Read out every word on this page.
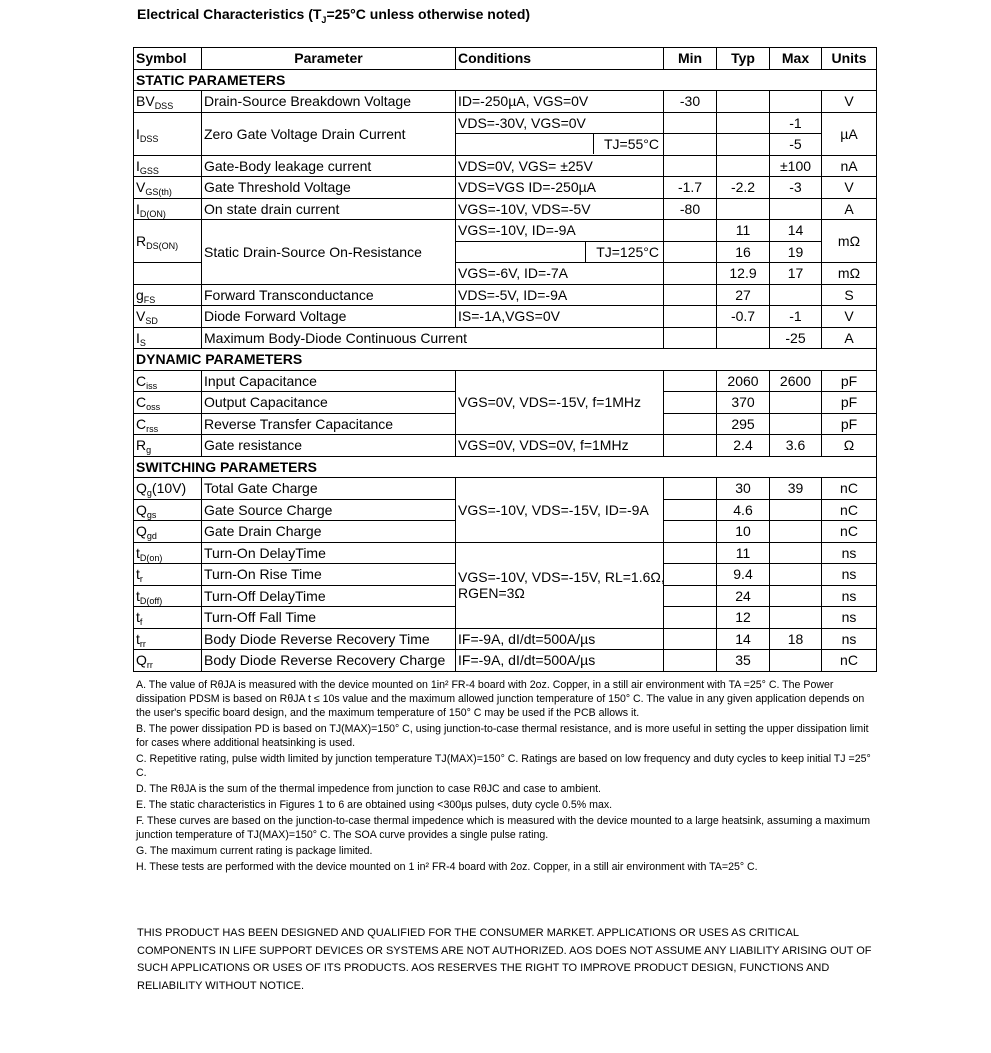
Electrical Characteristics ($T_J=25^\circ C$ unless otherwise noted)
Symbol	Parameter	Conditions	Min	Typ	Max	Units
STATIC PARAMETERS						
$BV_{DSS}$	Drain-Source Breakdown Voltage	ID=-250µA, VGS=0V	-30			V
$I_{DSS}$	Zero Gate Voltage Drain Current	VDS=-30V, VGS=0V			-1	µA

		TJ=55°C			-5	
$I_{GSS}$	Gate-Body leakage current	VDS=0V, VGS= ±25V			±100	nA
$V_{GS(th)}$	Gate Threshold Voltage	VDS=VGS ID=-250µA	-1.7	-2.2	-3	V
$I_{D(ON)}$	On state drain current	VGS=-10V, VDS=-5V	-80			A
$R_{DS(ON)}$	Static Drain-Source On-Resistance	VGS=-10V, ID=-9A		11	14	mΩ

		TJ=125°C		16	19	
		VGS=-6V, ID=-7A		12.9	17	mΩ
$g_{FS}$	Forward Transconductance	VDS=-5V, ID=-9A		27		S
$V_{SD}$	Diode Forward Voltage	IS=-1A,VGS=0V		-0.7	-1	V
$I_S$	Maximum Body-Diode Continuous Current				-25	A
DYNAMIC PARAMETERS						
$C_{iss}$	Input Capacitance	VGS=0V, VDS=-15V, f=1MHz		2060	2600	pF
$C_{oss}$	Output Capacitance			370		pF
$C_{rss}$	Reverse Transfer Capacitance			295		pF
$R_g$	Gate resistance	VGS=0V, VDS=0V, f=1MHz		2.4	3.6	Ω
SWITCHING PARAMETERS						
$Q_g(10V)$	Total Gate Charge	VGS=-10V, VDS=-15V, ID=-9A		30	39	nC
$Q_{gs}$	Gate Source Charge			4.6		nC
$Q_{gd}$	Gate Drain Charge			10		nC
$t_{D(on)}$	Turn-On DelayTime	VGS=-10V, VDS=-15V, RL=1.6Ω,
RGEN=3Ω		11		ns
$t_r$	Turn-On Rise Time			9.4		ns
$t_{D(off)}$	Turn-Off DelayTime			24		ns
$t_f$	Turn-Off Fall Time			12		ns
$t_{rr}$	Body Diode Reverse Recovery Time	IF=-9A, dI/dt=500A/µs		14	18	ns
$Q_{rr}$	Body Diode Reverse Recovery Charge	IF=-9A, dI/dt=500A/µs		35		nC

A. The value of RθJA is measured with the device mounted on 1in² FR-4 board with 2oz. Copper, in a still air environment with TA =25° C. The Power dissipation PDSM is based on RθJA t ≤ 10s value and the maximum allowed junction temperature of 150° C. The value in any given application depends on the user's specific board design, and the maximum temperature of 150° C may be used if the PCB allows it.

B. The power dissipation PD is based on TJ(MAX)=150° C, using junction-to-case thermal resistance, and is more useful in setting the upper dissipation limit for cases where additional heatsinking is used.

C. Repetitive rating, pulse width limited by junction temperature TJ(MAX)=150° C. Ratings are based on low frequency and duty cycles to keep initial TJ =25° C.

D. The RθJA is the sum of the thermal impedence from junction to case RθJC and case to ambient.

E. The static characteristics in Figures 1 to 6 are obtained using <300µs pulses, duty cycle 0.5% max.

F. These curves are based on the junction-to-case thermal impedence which is measured with the device mounted to a large heatsink, assuming a maximum junction temperature of TJ(MAX)=150° C. The SOA curve provides a single pulse rating.

G. The maximum current rating is package limited.

H. These tests are performed with the device mounted on 1 in² FR-4 board with 2oz. Copper, in a still air environment with TA=25° C.

THIS PRODUCT HAS BEEN DESIGNED AND QUALIFIED FOR THE CONSUMER MARKET. APPLICATIONS OR USES AS CRITICAL COMPONENTS IN LIFE SUPPORT DEVICES OR SYSTEMS ARE NOT AUTHORIZED. AOS DOES NOT ASSUME ANY LIABILITY ARISING OUT OF SUCH APPLICATIONS OR USES OF ITS PRODUCTS. AOS RESERVES THE RIGHT TO IMPROVE PRODUCT DESIGN, FUNCTIONS AND RELIABILITY WITHOUT NOTICE.
